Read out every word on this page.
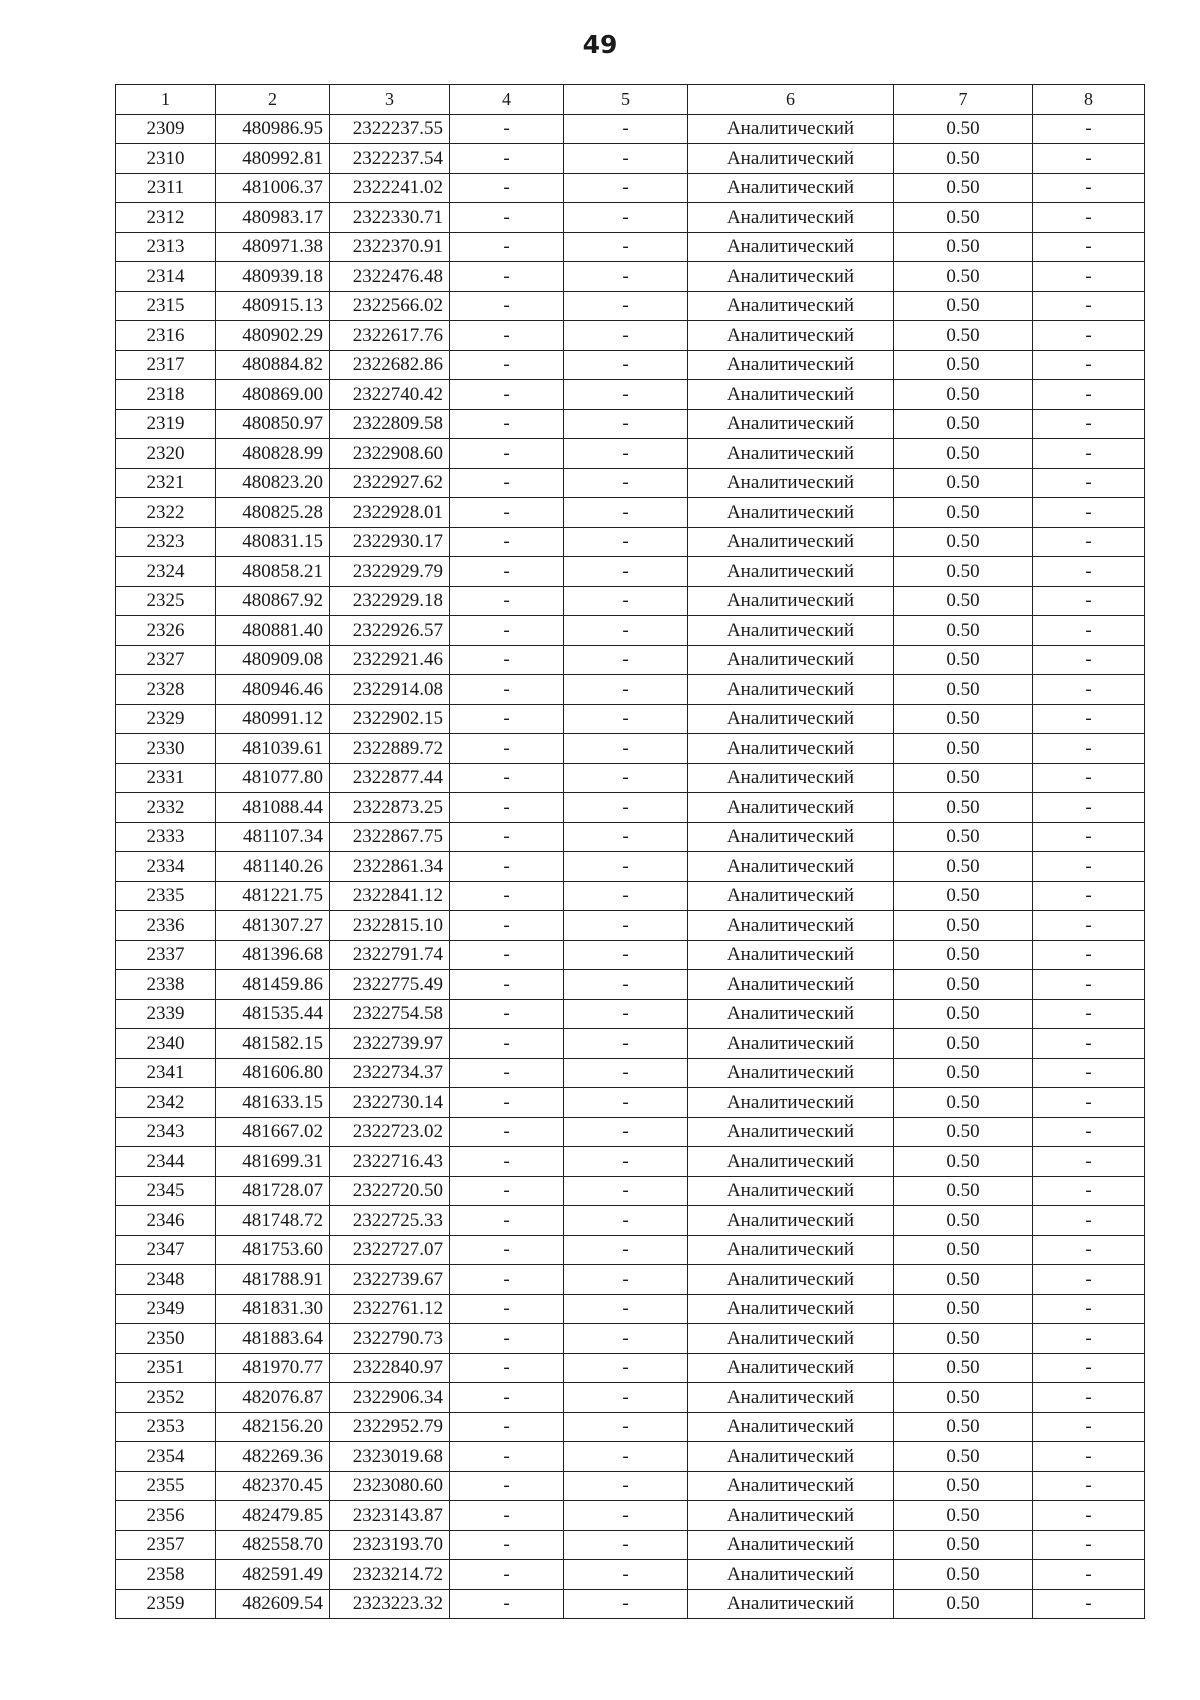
49
1	2	3	4	5	6	7	8
2309	480986.95	2322237.55	-	-	Аналитический	0.50	-
2310	480992.81	2322237.54	-	-	Аналитический	0.50	-
2311	481006.37	2322241.02	-	-	Аналитический	0.50	-
2312	480983.17	2322330.71	-	-	Аналитический	0.50	-
2313	480971.38	2322370.91	-	-	Аналитический	0.50	-
2314	480939.18	2322476.48	-	-	Аналитический	0.50	-
2315	480915.13	2322566.02	-	-	Аналитический	0.50	-
2316	480902.29	2322617.76	-	-	Аналитический	0.50	-
2317	480884.82	2322682.86	-	-	Аналитический	0.50	-
2318	480869.00	2322740.42	-	-	Аналитический	0.50	-
2319	480850.97	2322809.58	-	-	Аналитический	0.50	-
2320	480828.99	2322908.60	-	-	Аналитический	0.50	-
2321	480823.20	2322927.62	-	-	Аналитический	0.50	-
2322	480825.28	2322928.01	-	-	Аналитический	0.50	-
2323	480831.15	2322930.17	-	-	Аналитический	0.50	-
2324	480858.21	2322929.79	-	-	Аналитический	0.50	-
2325	480867.92	2322929.18	-	-	Аналитический	0.50	-
2326	480881.40	2322926.57	-	-	Аналитический	0.50	-
2327	480909.08	2322921.46	-	-	Аналитический	0.50	-
2328	480946.46	2322914.08	-	-	Аналитический	0.50	-
2329	480991.12	2322902.15	-	-	Аналитический	0.50	-
2330	481039.61	2322889.72	-	-	Аналитический	0.50	-
2331	481077.80	2322877.44	-	-	Аналитический	0.50	-
2332	481088.44	2322873.25	-	-	Аналитический	0.50	-
2333	481107.34	2322867.75	-	-	Аналитический	0.50	-
2334	481140.26	2322861.34	-	-	Аналитический	0.50	-
2335	481221.75	2322841.12	-	-	Аналитический	0.50	-
2336	481307.27	2322815.10	-	-	Аналитический	0.50	-
2337	481396.68	2322791.74	-	-	Аналитический	0.50	-
2338	481459.86	2322775.49	-	-	Аналитический	0.50	-
2339	481535.44	2322754.58	-	-	Аналитический	0.50	-
2340	481582.15	2322739.97	-	-	Аналитический	0.50	-
2341	481606.80	2322734.37	-	-	Аналитический	0.50	-
2342	481633.15	2322730.14	-	-	Аналитический	0.50	-
2343	481667.02	2322723.02	-	-	Аналитический	0.50	-
2344	481699.31	2322716.43	-	-	Аналитический	0.50	-
2345	481728.07	2322720.50	-	-	Аналитический	0.50	-
2346	481748.72	2322725.33	-	-	Аналитический	0.50	-
2347	481753.60	2322727.07	-	-	Аналитический	0.50	-
2348	481788.91	2322739.67	-	-	Аналитический	0.50	-
2349	481831.30	2322761.12	-	-	Аналитический	0.50	-
2350	481883.64	2322790.73	-	-	Аналитический	0.50	-
2351	481970.77	2322840.97	-	-	Аналитический	0.50	-
2352	482076.87	2322906.34	-	-	Аналитический	0.50	-
2353	482156.20	2322952.79	-	-	Аналитический	0.50	-
2354	482269.36	2323019.68	-	-	Аналитический	0.50	-
2355	482370.45	2323080.60	-	-	Аналитический	0.50	-
2356	482479.85	2323143.87	-	-	Аналитический	0.50	-
2357	482558.70	2323193.70	-	-	Аналитический	0.50	-
2358	482591.49	2323214.72	-	-	Аналитический	0.50	-
2359	482609.54	2323223.32	-	-	Аналитический	0.50	-
